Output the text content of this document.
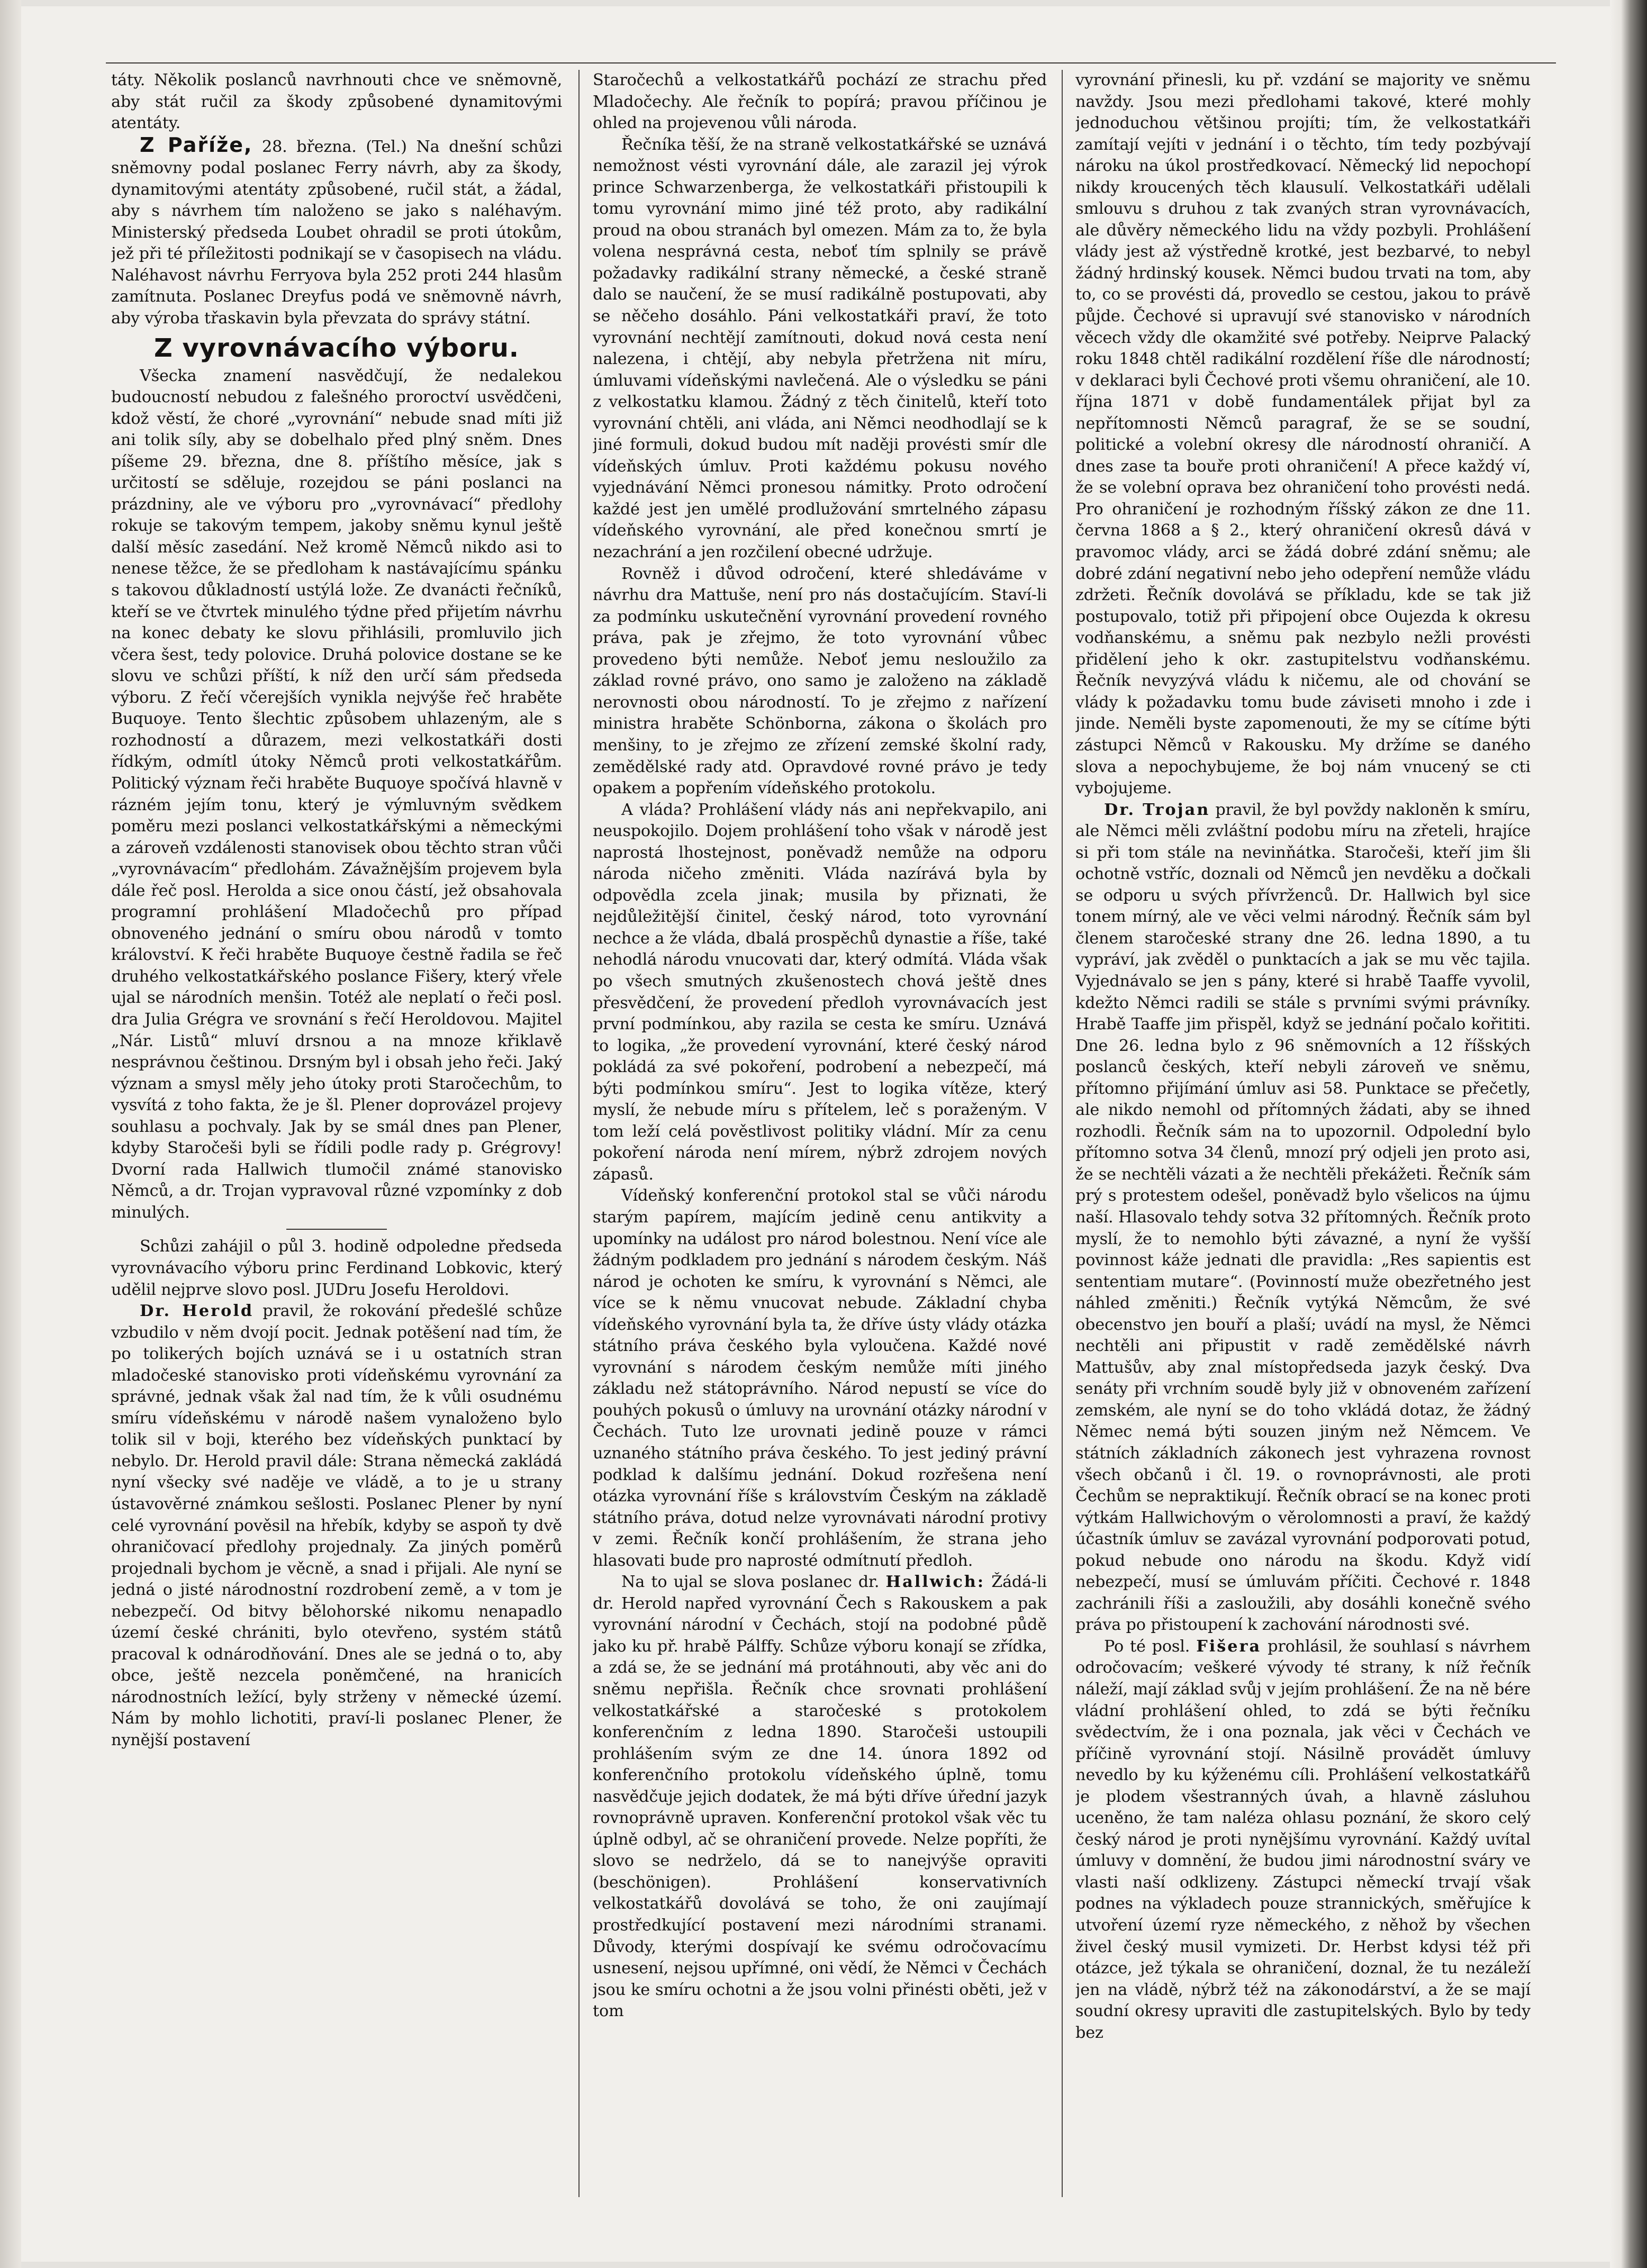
táty. Několik poslanců navrhnouti chce ve sněmovně, aby stát ručil za škody způsobené dynamitovými atentáty.

Z Paříže, 28. března. (Tel.) Na dnešní schůzi sněmovny podal poslanec Ferry návrh, aby za škody, dynamitovými atentáty způsobené, ručil stát, a žádal, aby s návrhem tím naloženo se jako s naléhavým. Ministerský předseda Loubet ohradil se proti útokům, jež při té příležitosti podnikají se v časopisech na vládu. Naléhavost návrhu Ferryova byla 252 proti 244 hlasům zamítnuta. Poslanec Dreyfus podá ve sněmovně návrh, aby výroba třaskavin byla převzata do správy státní.

Z vyrovnávacího výboru.

Všecka znamení nasvědčují, že nedalekou budoucností nebudou z falešného proroctví usvědčeni, kdož věstí, že choré „vyrovnání“ nebude snad míti již ani tolik síly, aby se dobelhalo před plný sněm. Dnes píšeme 29. března, dne 8. příštího měsíce, jak s určitostí se sděluje, rozejdou se páni poslanci na prázdniny, ale ve výboru pro „vyrovnávací“ předlohy rokuje se takovým tempem, jakoby sněmu kynul ještě další měsíc zasedání. Než kromě Němců nikdo asi to nenese těžce, že se předloham k nastávajícímu spánku s takovou důkladností ustýlá lože. Ze dvanácti řečníků, kteří se ve čtvrtek minulého týdne před přijetím návrhu na konec debaty ke slovu přihlásili, promluvilo jich včera šest, tedy polovice. Druhá polovice dostane se ke slovu ve schůzi příští, k níž den určí sám předseda výboru. Z řečí včerejších vynikla nejvýše řeč hraběte Buquoye. Tento šlechtic způsobem uhlazeným, ale s rozhodností a důrazem, mezi velkostatkáři dosti řídkým, odmítl útoky Němců proti velkostatkářům. Politický význam řeči hraběte Buquoye spočívá hlavně v rázném jejím tonu, který je výmluvným svědkem poměru mezi poslanci velkostatkářskými a německými a zároveň vzdálenosti stanovisek obou těchto stran vůči „vyrovnávacím“ předlohám. Závažnějším projevem byla dále řeč posl. Herolda a sice onou částí, jež obsahovala programní prohlášení Mladočechů pro případ obnoveného jednání o smíru obou národů v tomto království. K řeči hraběte Buquoye čestně řadila se řeč druhého velkostatkářského poslance Fišery, který vřele ujal se národních menšin. Totéž ale neplatí o řeči posl. dra Julia Grégra ve srovnání s řečí Heroldovou. Majitel „Nár. Listů“ mluví drsnou a na mnoze křiklavě nesprávnou češtinou. Drsným byl i obsah jeho řeči. Jaký význam a smysl měly jeho útoky proti Staročechům, to vysvítá z toho fakta, že je šl. Plener doprovázel projevy souhlasu a pochvaly. Jak by se smál dnes pan Plener, kdyby Staročeši byli se řídili podle rady p. Grégrovy! Dvorní rada Hallwich tlumočil známé stanovisko Němců, a dr. Trojan vypravoval různé vzpomínky z dob minulých.

Schůzi zahájil o půl 3. hodině odpoledne předseda vyrovnávacího výboru princ Ferdinand Lobkovic, který udělil nejprve slovo posl. JUDru Josefu Heroldovi.

Dr. Herold pravil, že rokování předešlé schůze vzbudilo v něm dvojí pocit. Jednak potěšení nad tím, že po tolikerých bojích uznává se i u ostatních stran mladočeské stanovisko proti vídeňskému vyrovnání za správné, jednak však žal nad tím, že k vůli osudnému smíru vídeňskému v národě našem vynaloženo bylo tolik sil v boji, kterého bez vídeňských punktací by nebylo. Dr. Herold pravil dále: Strana německá zakládá nyní všecky své naděje ve vládě, a to je u strany ústavověrné známkou sešlosti. Poslanec Plener by nyní celé vyrovnání pověsil na hřebík, kdyby se aspoň ty dvě ohraničovací předlohy projednaly. Za jiných poměrů projednali bychom je věcně, a snad i přijali. Ale nyní se jedná o jisté národnostní rozdrobení země, a v tom je nebezpečí. Od bitvy bělohorské nikomu nenapadlo území české chrániti, bylo otevřeno, systém států pracoval k odnárodňování. Dnes ale se jedná o to, aby obce, ještě nezcela poněmčené, na hranicích národnostních ležící, byly strženy v německé území. Nám by mohlo lichotiti, praví-li poslanec Plener, že nynější postavení

Staročechů a velkostatkářů pochází ze strachu před Mladočechy. Ale řečník to popírá; pravou příčinou je ohled na projevenou vůli národa.

Řečníka těší, že na straně velkostatkářské se uznává nemožnost vésti vyrovnání dále, ale zarazil jej výrok prince Schwarzenberga, že velkostatkáři přistoupili k tomu vyrovnání mimo jiné též proto, aby radikální proud na obou stranách byl omezen. Mám za to, že byla volena nesprávná cesta, neboť tím splnily se právě požadavky radikální strany německé, a české straně dalo se naučení, že se musí radikálně postupovati, aby se něčeho dosáhlo. Páni velkostatkáři praví, že toto vyrovnání nechtějí zamítnouti, dokud nová cesta není nalezena, i chtějí, aby nebyla přetržena nit míru, úmluvami vídeňskými navlečená. Ale o výsledku se páni z velkostatku klamou. Žádný z těch činitelů, kteří toto vyrovnání chtěli, ani vláda, ani Němci neodhodlají se k jiné formuli, dokud budou mít naději provésti smír dle vídeňských úmluv. Proti každému pokusu nového vyjednávání Němci pronesou námitky. Proto odročení každé jest jen umělé prodlužování smrtelného zápasu vídeňského vyrovnání, ale před konečnou smrtí je nezachrání a jen rozčilení obecné udržuje.

Rovněž i důvod odročení, které shledáváme v návrhu dra Mattuše, není pro nás dostačujícím. Staví-li za podmínku uskutečnění vyrovnání provedení rovného práva, pak je zřejmo, že toto vyrovnání vůbec provedeno býti nemůže. Neboť jemu nesloužilo za základ rovné právo, ono samo je založeno na základě nerovnosti obou národností. To je zřejmo z nařízení ministra hraběte Schönborna, zákona o školách pro menšiny, to je zřejmo ze zřízení zemské školní rady, zemědělské rady atd. Opravdové rovné právo je tedy opakem a popřením vídeňského protokolu.

A vláda? Prohlášení vlády nás ani nepřekvapilo, ani neuspokojilo. Dojem prohlášení toho však v národě jest naprostá lhostejnost, poněvadž nemůže na odporu národa ničeho změniti. Vláda nazírává byla by odpovědla zcela jinak; musila by přiznati, že nejdůležitější činitel, český národ, toto vyrovnání nechce a že vláda, dbalá prospěchů dynastie a říše, také nehodlá národu vnucovati dar, který odmítá. Vláda však po všech smutných zkušenostech chová ještě dnes přesvědčení, že provedení předloh vyrovnávacích jest první podmínkou, aby razila se cesta ke smíru. Uznává to logika, „že provedení vyrovnání, které český národ pokládá za své pokoření, podrobení a nebezpečí, má býti podmínkou smíru“. Jest to logika vítěze, který myslí, že nebude míru s přítelem, leč s poraženým. V tom leží celá pověstlivost politiky vládní. Mír za cenu pokoření národa není mírem, nýbrž zdrojem nových zápasů.

Vídeňský konferenční protokol stal se vůči národu starým papírem, majícím jedině cenu antikvity a upomínky na událost pro národ bolestnou. Není více ale žádným podkladem pro jednání s národem českým. Náš národ je ochoten ke smíru, k vyrovnání s Němci, ale více se k němu vnucovat nebude. Základní chyba vídeňského vyrovnání byla ta, že dříve ústy vlády otázka státního práva českého byla vyloučena. Každé nové vyrovnání s národem českým nemůže míti jiného základu než státoprávního. Národ nepustí se více do pouhých pokusů o úmluvy na urovnání otázky národní v Čechách. Tuto lze urovnati jedině pouze v rámci uznaného státního práva českého. To jest jediný právní podklad k dalšímu jednání. Dokud rozřešena není otázka vyrovnání říše s královstvím Českým na základě státního práva, dotud nelze vyrovnávati národní protivy v zemi. Řečník končí prohlášením, že strana jeho hlasovati bude pro naprosté odmítnutí předloh.

Na to ujal se slova poslanec dr. Hallwich: Žádá-li dr. Herold napřed vyrovnání Čech s Rakouskem a pak vyrovnání národní v Čechách, stojí na podobné půdě jako ku př. hrabě Pálffy. Schůze výboru konají se zřídka, a zdá se, že se jednání má protáhnouti, aby věc ani do sněmu nepřišla. Řečník chce srovnati prohlášení velkostatkářské a staročeské s protokolem konferenčním z ledna 1890. Staročeši ustoupili prohlášením svým ze dne 14. února 1892 od konferenčního protokolu vídeňského úplně, tomu nasvědčuje jejich dodatek, že má býti dříve úřední jazyk rovnoprávně upraven. Konferenční protokol však věc tu úplně odbyl, ač se ohraničení provede. Nelze popříti, že slovo se nedrželo, dá se to nanejvýše opraviti (beschönigen). Prohlášení konservativních velkostatkářů dovolává se toho, že oni zaujímají prostředkující postavení mezi národními stranami. Důvody, kterými dospívají ke svému odročovacímu usnesení, nejsou upřímné, oni vědí, že Němci v Čechách jsou ke smíru ochotni a že jsou volni přinésti oběti, jež v tom

vyrovnání přinesli, ku př. vzdání se majority ve sněmu navždy. Jsou mezi předlohami takové, které mohly jednoduchou většinou projíti; tím, že velkostatkáři zamítají vejíti v jednání i o těchto, tím tedy pozbývají nároku na úkol prostředkovací. Německý lid nepochopí nikdy kroucených těch klausulí. Velkostatkáři udělali smlouvu s druhou z tak zvaných stran vyrovnávacích, ale důvěry německého lidu na vždy pozbyli. Prohlášení vlády jest až výstředně krotké, jest bezbarvé, to nebyl žádný hrdinský kousek. Němci budou trvati na tom, aby to, co se provésti dá, provedlo se cestou, jakou to právě půjde. Čechové si upravují své stanovisko v národních věcech vždy dle okamžité své potřeby. Neiprve Palacký roku 1848 chtěl radikální rozdělení říše dle národností; v deklaraci byli Čechové proti všemu ohraničení, ale 10. října 1871 v době fundamentálek přijat byl za nepřítomnosti Němců paragraf, že se se soudní, politické a volební okresy dle národností ohraničí. A dnes zase ta bouře proti ohraničení! A přece každý ví, že se volební oprava bez ohraničení toho provésti nedá. Pro ohraničení je rozhodným říšský zákon ze dne 11. června 1868 a § 2., který ohraničení okresů dává v pravomoc vlády, arci se žádá dobré zdání sněmu; ale dobré zdání negativní nebo jeho odepření nemůže vládu zdržeti. Řečník dovolává se příkladu, kde se tak již postupovalo, totiž při připojení obce Oujezda k okresu vodňanskému, a sněmu pak nezbylo nežli provésti přidělení jeho k okr. zastupitelstvu vodňanskému. Řečník nevyzývá vládu k ničemu, ale od chování se vlády k požadavku tomu bude záviseti mnoho i zde i jinde. Neměli byste zapomenouti, že my se cítíme býti zástupci Němců v Rakousku. My držíme se daného slova a nepochybujeme, že boj nám vnucený se cti vybojujeme.

Dr. Trojan pravil, že byl povždy nakloněn k smíru, ale Němci měli zvláštní podobu míru na zřeteli, hrajíce si při tom stále na nevinňátka. Staročeši, kteří jim šli ochotně vstříc, doznali od Němců jen nevděku a dočkali se odporu u svých přívrženců. Dr. Hallwich byl sice tonem mírný, ale ve věci velmi národný. Řečník sám byl členem staročeské strany dne 26. ledna 1890, a tu vypráví, jak zvěděl o punktacích a jak se mu věc tajila. Vyjednávalo se jen s pány, které si hrabě Taaffe vyvolil, kdežto Němci radili se stále s prvními svými právníky. Hrabě Taaffe jim přispěl, když se jednání počalo kořititi. Dne 26. ledna bylo z 96 sněmovních a 12 říšských poslanců českých, kteří nebyli zároveň ve sněmu, přítomno přijímání úmluv asi 58. Punktace se přečetly, ale nikdo nemohl od přítomných žádati, aby se ihned rozhodli. Řečník sám na to upozornil. Odpolední bylo přítomno sotva 34 členů, mnozí prý odjeli jen proto asi, že se nechtěli vázati a že nechtěli překážeti. Řečník sám prý s protestem odešel, poněvadž bylo všelicos na újmu naší. Hlasovalo tehdy sotva 32 přítomných. Řečník proto myslí, že to nemohlo býti závazné, a nyní že vyšší povinnost káže jednati dle pravidla: „Res sapientis est sententiam mutare“. (Povinností muže obezřetného jest náhled změniti.) Řečník vytýká Němcům, že své obecenstvo jen bouří a plaší; uvádí na mysl, že Němci nechtěli ani připustit v radě zemědělské návrh Mattušův, aby znal místopředseda jazyk český. Dva senáty při vrchním soudě byly již v obnoveném zařízení zemském, ale nyní se do toho vkládá dotaz, že žádný Němec nemá býti souzen jiným než Němcem. Ve státních základních zákonech jest vyhrazena rovnost všech občanů i čl. 19. o rovnoprávnosti, ale proti Čechům se nepraktikují. Řečník obrací se na konec proti výtkám Hallwichovým o věrolomnosti a praví, že každý účastník úmluv se zavázal vyrovnání podporovati potud, pokud nebude ono národu na škodu. Když vidí nebezpečí, musí se úmluvám příčiti. Čechové r. 1848 zachránili říši a zasloužili, aby dosáhli konečně svého práva po přistoupení k zachování národnosti své.

Po té posl. Fišera prohlásil, že souhlasí s návrhem odročovacím; veškeré vývody té strany, k níž řečník náleží, mají základ svůj v jejím prohlášení. Že na ně bére vládní prohlášení ohled, to zdá se býti řečníku svědectvím, že i ona poznala, jak věci v Čechách ve příčině vyrovnání stojí. Násilně provádět úmluvy nevedlo by ku kýženému cíli. Prohlášení velkostatkářů je plodem všestranných úvah, a hlavně zásluhou uceněno, že tam naléza ohlasu poznání, že skoro celý český národ je proti nynějšímu vyrovnání. Každý uvítal úmluvy v domnění, že budou jimi národnostní sváry ve vlasti naší odklizeny. Zástupci německí trvají však podnes na výkladech pouze strannických, směřujíce k utvoření území ryze německého, z něhož by všechen živel český musil vymizeti. Dr. Herbst kdysi též při otázce, jež týkala se ohraničení, doznal, že tu nezáleží jen na vládě, nýbrž též na zákonodárství, a že se mají soudní okresy upraviti dle zastupitelských. Bylo by tedy bez
